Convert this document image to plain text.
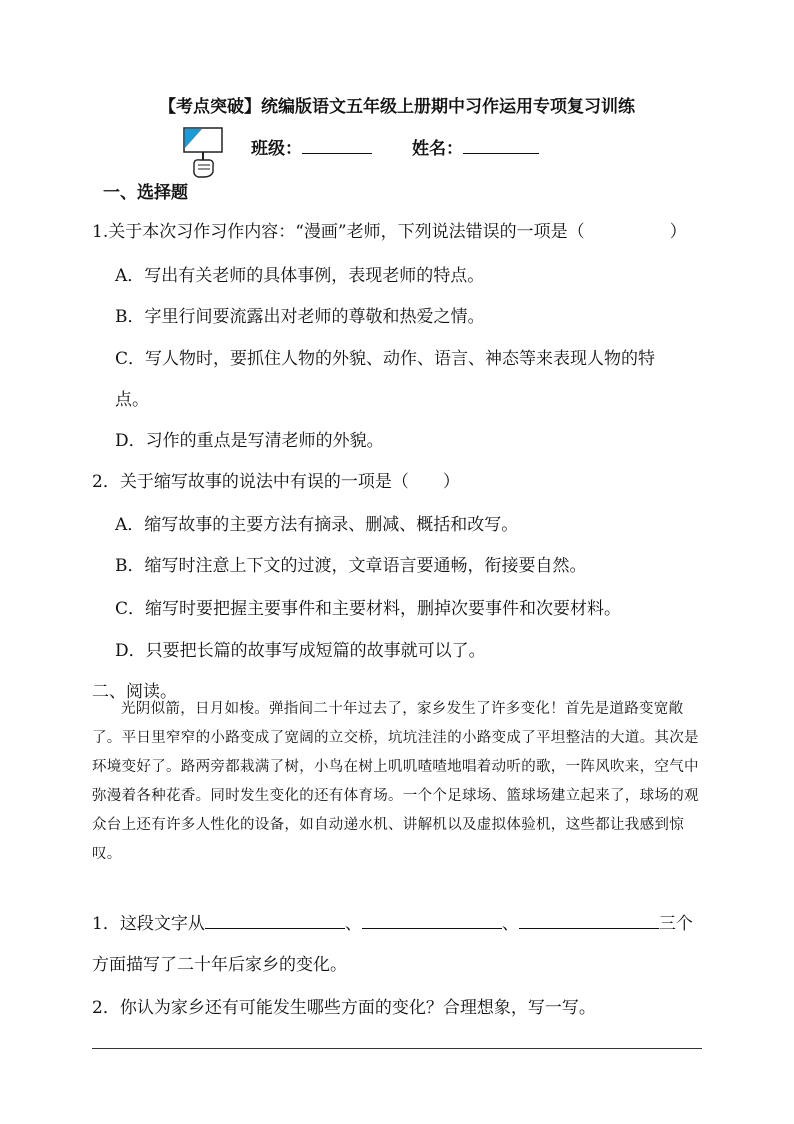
【考点突破】统编版语文五年级上册期中习作运用专项复习训练
班级：	姓名：
一、选择题
1.关于本次习作习作内容：“漫画”老师，下列说法错误的一项是（　　　　　）
A．写出有关老师的具体事例，表现老师的特点。
B．字里行间要流露出对老师的尊敬和热爱之情。
C．写人物时，要抓住人物的外貌、动作、语言、神态等来表现人物的特
点。
D．习作的重点是写清老师的外貌。
2．关于缩写故事的说法中有误的一项是（　　）
A．缩写故事的主要方法有摘录、删减、概括和改写。
B．缩写时注意上下文的过渡，文章语言要通畅，衔接要自然。
C．缩写时要把握主要事件和主要材料，删掉次要事件和次要材料。
D．只要把长篇的故事写成短篇的故事就可以了。
二、阅读。
光阴似箭，日月如梭。弹指间二十年过去了，家乡发生了许多变化！首先是道路变宽敞了。平日里窄窄的小路变成了宽阔的立交桥，坑坑洼洼的小路变成了平坦整洁的大道。其次是环境变好了。路两旁都栽满了树，小鸟在树上叽叽喳喳地唱着动听的歌，一阵风吹来，空气中弥漫着各种花香。同时发生变化的还有体育场。一个个足球场、篮球场建立起来了，球场的观众台上还有许多人性化的设备，如自动递水机、讲解机以及虚拟体验机，这些都让我感到惊叹。
1．这段文字从	、	、	三个
方面描写了二十年后家乡的变化。
2．你认为家乡还有可能发生哪些方面的变化？合理想象，写一写。
